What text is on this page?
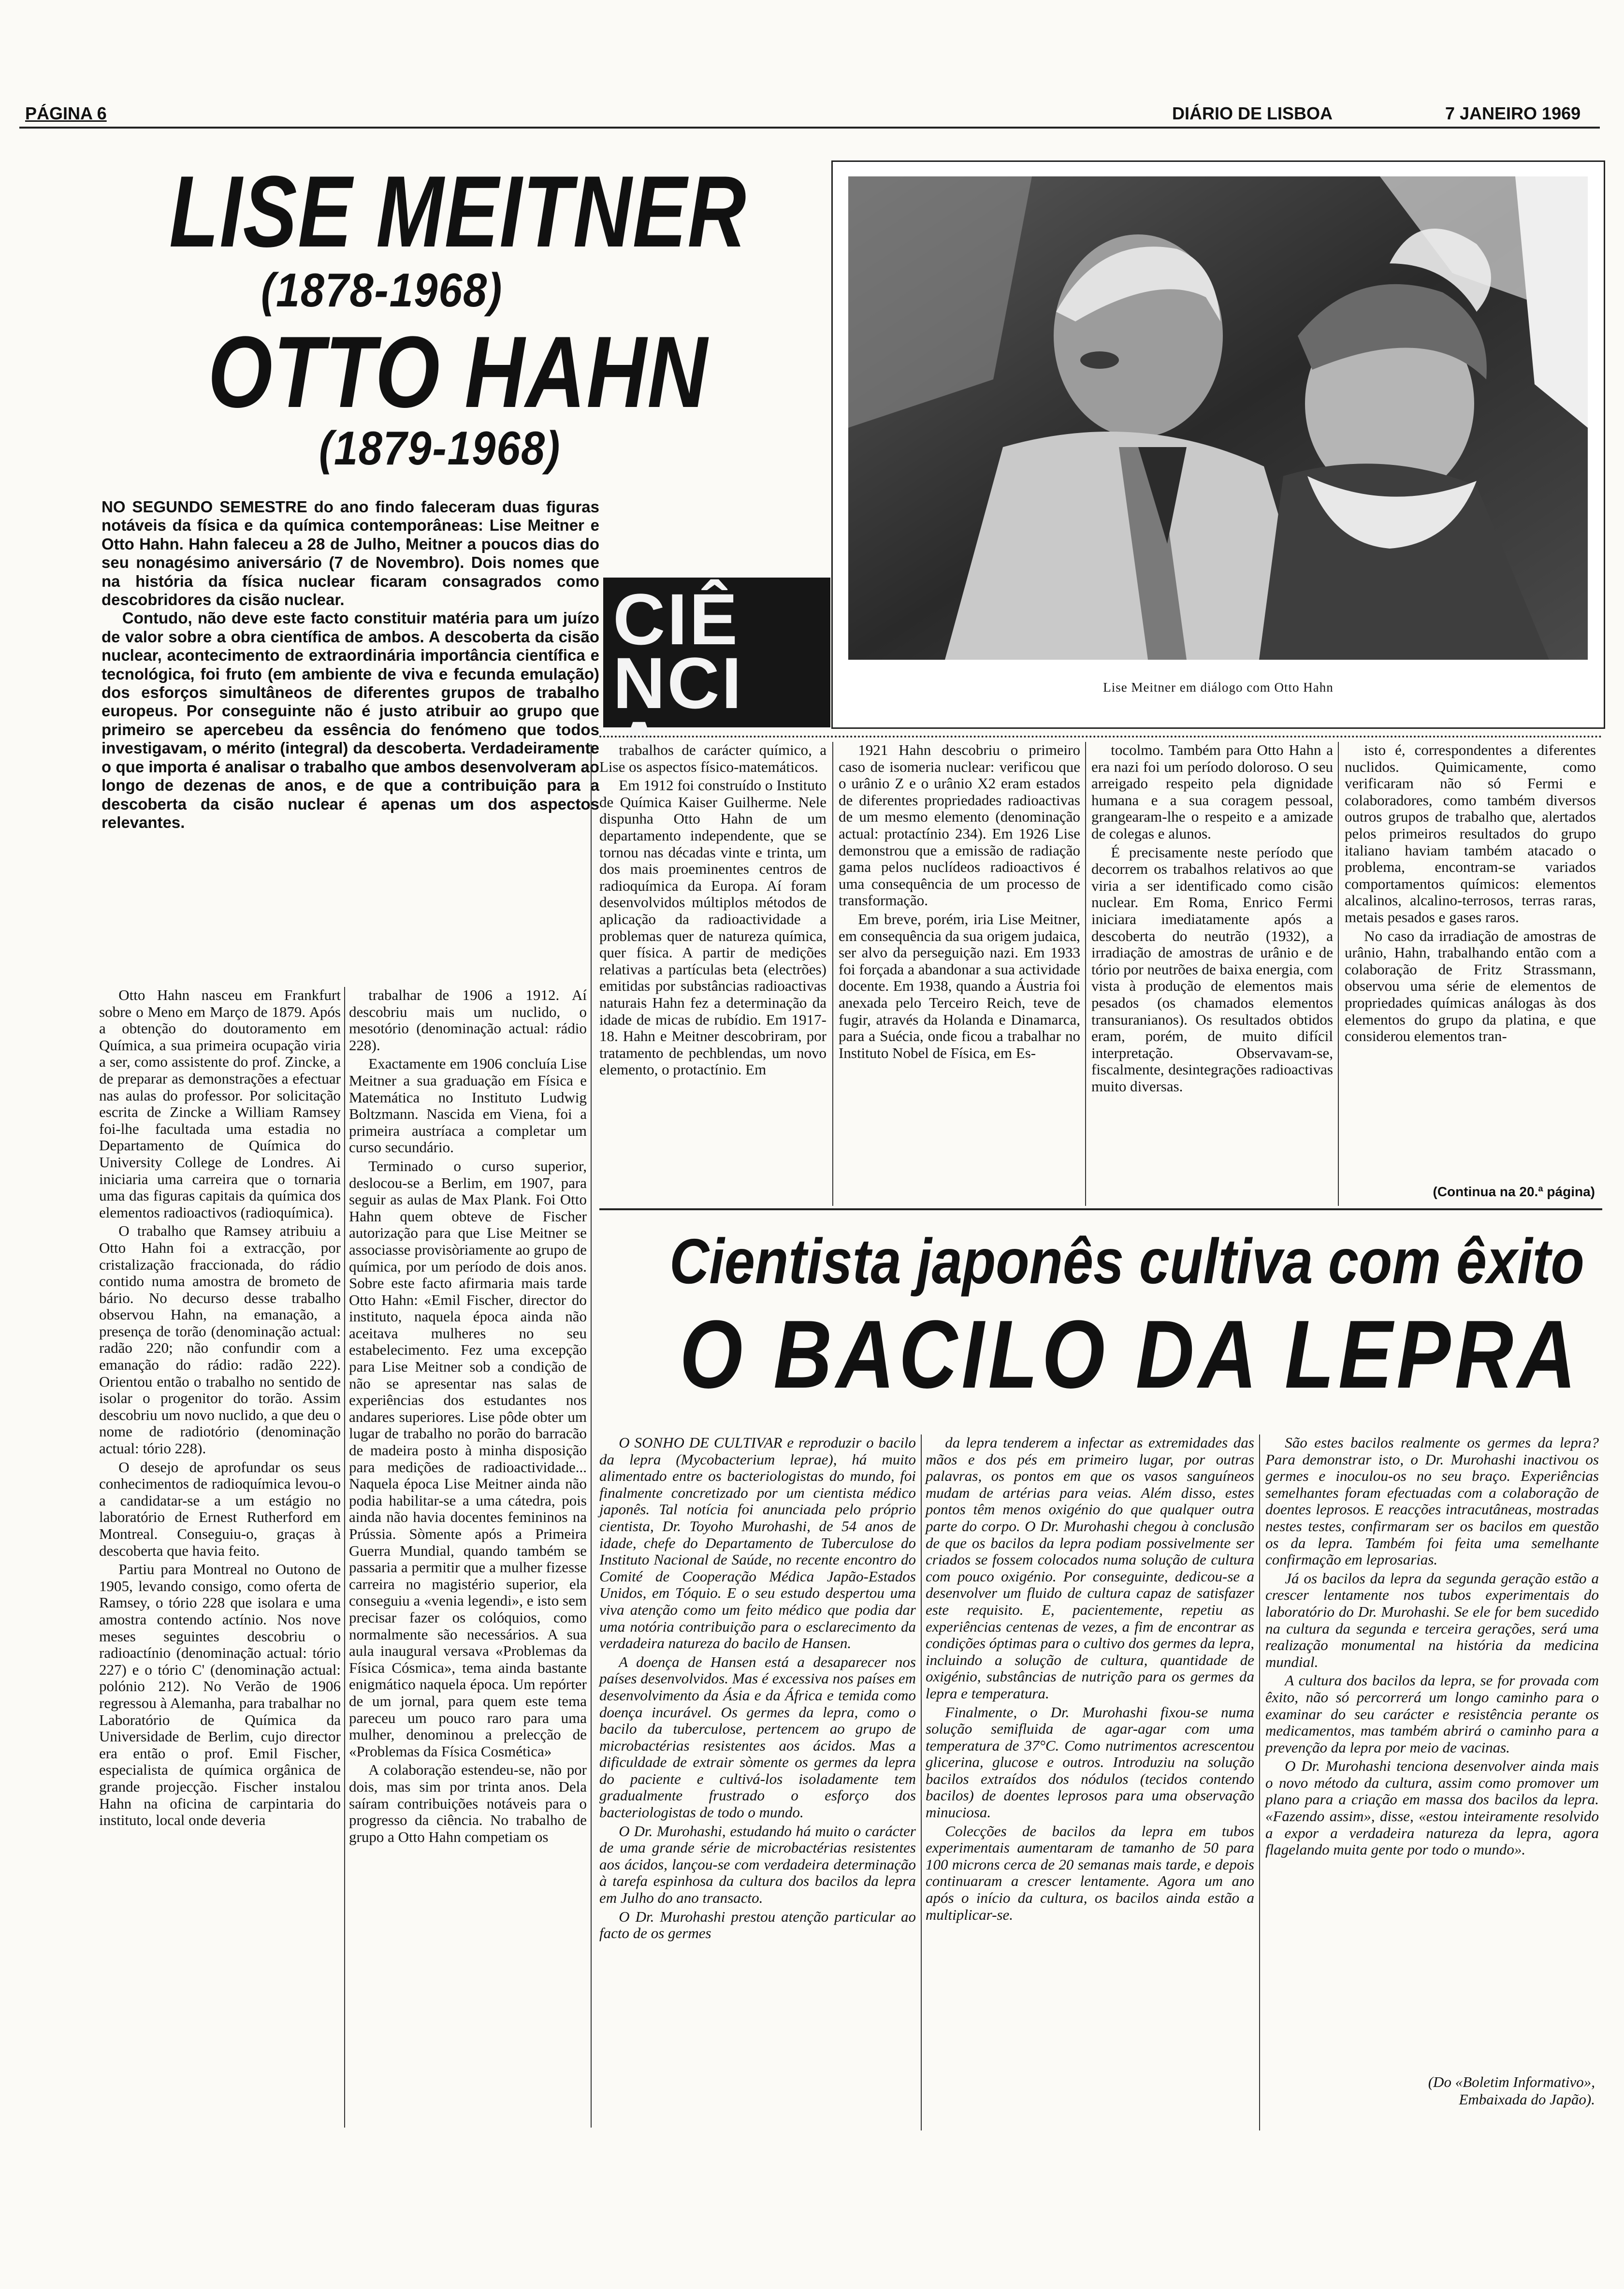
PÁGINA 6	DIÁRIO DE LISBOA	7 JANEIRO 1969
LISE MEITNER
(1878-1968)
OTTO HAHN
(1879-1968)

NO SEGUNDO SEMESTRE do ano findo faleceram duas figuras notáveis da física e da química contemporâneas: Lise Meitner e Otto Hahn. Hahn faleceu a 28 de Julho, Meitner a poucos dias do seu nonagésimo aniversário (7 de Novembro). Dois nomes que na história da física nuclear ficaram consagrados como descobridores da cisão nuclear.

Contudo, não deve este facto constituir matéria para um juízo de valor sobre a obra científica de ambos. A descoberta da cisão nuclear, acontecimento de extraordinária importância científica e tecnológica, foi fruto (em ambiente de viva e fecunda emulação) dos esforços simultâneos de diferentes grupos de trabalho europeus. Por conseguinte não é justo atribuir ao grupo que primeiro se apercebeu da essência do fenómeno que todos investigavam, o mérito (integral) da descoberta. Verdadeiramente o que importa é analisar o trabalho que ambos desenvolveram ao longo de dezenas de anos, e de que a contribuição para a descoberta da cisão nuclear é apenas um dos aspectos relevantes.

CIÊNCIA
Lise Meitner em diálogo com Otto Hahn

Otto Hahn nasceu em Frankfurt sobre o Meno em Março de 1879. Após a obtenção do doutoramento em Química, a sua primeira ocupação viria a ser, como assistente do prof. Zincke, a de preparar as demonstrações a efectuar nas aulas do professor. Por solicitação escrita de Zincke a William Ramsey foi-lhe facultada uma estadia no Departamento de Química do University College de Londres. Ai iniciaria uma carreira que o tornaria uma das figuras capitais da química dos elementos radioactivos (radioquímica).

O trabalho que Ramsey atribuiu a Otto Hahn foi a extracção, por cristalização fraccionada, do rádio contido numa amostra de brometo de bário. No decurso desse trabalho observou Hahn, na emanação, a presença de torão (denominação actual: radão 220; não confundir com a emanação do rádio: radão 222). Orientou então o trabalho no sentido de isolar o progenitor do torão. Assim descobriu um novo nuclido, a que deu o nome de radiotório (denominação actual: tório 228).

O desejo de aprofundar os seus conhecimentos de radioquímica levou-o a candidatar-se a um estágio no laboratório de Ernest Rutherford em Montreal. Conseguiu-o, graças à descoberta que havia feito.

Partiu para Montreal no Outono de 1905, levando consigo, como oferta de Ramsey, o tório 228 que isolara e uma amostra contendo actínio. Nos nove meses seguintes descobriu o radioactínio (denominação actual: tório 227) e o tório C' (denominação actual: polónio 212). No Verão de 1906 regressou à Alemanha, para trabalhar no Laboratório de Química da Universidade de Berlim, cujo director era então o prof. Emil Fischer, especialista de química orgânica de grande projecção. Fischer instalou Hahn na oficina de carpintaria do instituto, local onde deveria

trabalhar de 1906 a 1912. Aí descobriu mais um nuclido, o mesotório (denominação actual: rádio 228).

Exactamente em 1906 concluía Lise Meitner a sua graduação em Física e Matemática no Instituto Ludwig Boltzmann. Nascida em Viena, foi a primeira austríaca a completar um curso secundário.

Terminado o curso superior, deslocou-se a Berlim, em 1907, para seguir as aulas de Max Plank. Foi Otto Hahn quem obteve de Fischer autorização para que Lise Meitner se associasse provisòriamente ao grupo de química, por um período de dois anos. Sobre este facto afirmaria mais tarde Otto Hahn: «Emil Fischer, director do instituto, naquela época ainda não aceitava mulheres no seu estabelecimento. Fez uma excepção para Lise Meitner sob a condição de não se apresentar nas salas de experiências dos estudantes nos andares superiores. Lise pôde obter um lugar de trabalho no porão do barracão de madeira posto à minha disposição para medições de radioactividade... Naquela época Lise Meitner ainda não podia habilitar-se a uma cátedra, pois ainda não havia docentes femininos na Prússia. Sòmente após a Primeira Guerra Mundial, quando também se passaria a permitir que a mulher fizesse carreira no magistério superior, ela conseguiu a «venia legendi», e isto sem precisar fazer os colóquios, como normalmente são necessários. A sua aula inaugural versava «Problemas da Física Cósmica», tema ainda bastante enigmático naquela época. Um repórter de um jornal, para quem este tema pareceu um pouco raro para uma mulher, denominou a prelecção de «Problemas da Física Cosmética»

A colaboração estendeu-se, não por dois, mas sim por trinta anos. Dela saíram contribuições notáveis para o progresso da ciência. No trabalho de grupo a Otto Hahn competiam os

trabalhos de carácter químico, a Lise os aspectos físico-matemáticos.

Em 1912 foi construído o Instituto de Química Kaiser Guilherme. Nele dispunha Otto Hahn de um departamento independente, que se tornou nas décadas vinte e trinta, um dos mais proeminentes centros de radioquímica da Europa. Aí foram desenvolvidos múltiplos métodos de aplicação da radioactividade a problemas quer de natureza química, quer física. A partir de medições relativas a partículas beta (electrões) emitidas por substâncias radioactivas naturais Hahn fez a determinação da idade de micas de rubídio. Em 1917-18. Hahn e Meitner descobriram, por tratamento de pechblendas, um novo elemento, o protactínio. Em

1921 Hahn descobriu o primeiro caso de isomeria nuclear: verificou que o urânio Z e o urânio X2 eram estados de diferentes propriedades radioactivas de um mesmo elemento (denominação actual: protactínio 234). Em 1926 Lise demonstrou que a emissão de radiação gama pelos nuclídeos radioactivos é uma consequência de um processo de transformação.

Em breve, porém, iria Lise Meitner, em consequência da sua origem judaica, ser alvo da perseguição nazi. Em 1933 foi forçada a abandonar a sua actividade docente. Em 1938, quando a Áustria foi anexada pelo Terceiro Reich, teve de fugir, através da Holanda e Dinamarca, para a Suécia, onde ficou a trabalhar no Instituto Nobel de Física, em Es-

tocolmo. Também para Otto Hahn a era nazi foi um período doloroso. O seu arreigado respeito pela dignidade humana e a sua coragem pessoal, grangearam-lhe o respeito e a amizade de colegas e alunos.

É precisamente neste período que decorrem os trabalhos relativos ao que viria a ser identificado como cisão nuclear. Em Roma, Enrico Fermi iniciara imediatamente após a descoberta do neutrão (1932), a irradiação de amostras de urânio e de tório por neutrões de baixa energia, com vista à produção de elementos mais pesados (os chamados elementos transuranianos). Os resultados obtidos eram, porém, de muito difícil interpretação. Observavam-se, fiscalmente, desintegrações radioactivas muito diversas.

isto é, correspondentes a diferentes nuclidos. Quimicamente, como verificaram não só Fermi e colaboradores, como também diversos outros grupos de trabalho que, alertados pelos primeiros resultados do grupo italiano haviam também atacado o problema, encontram-se variados comportamentos químicos: elementos alcalinos, alcalino-terrosos, terras raras, metais pesados e gases raros.

No caso da irradiação de amostras de urânio, Hahn, trabalhando então com a colaboração de Fritz Strassmann, observou uma série de elementos de propriedades químicas análogas às dos elementos do grupo da platina, e que considerou elementos tran-

(Continua na 20.ª página)
Cientista japonês cultiva com êxito
O BACILO DA LEPRA

O SONHO DE CULTIVAR e reproduzir o bacilo da lepra (Mycobacterium leprae), há muito alimentado entre os bacteriologistas do mundo, foi finalmente concretizado por um cientista médico japonês. Tal notícia foi anunciada pelo próprio cientista, Dr. Toyoho Murohashi, de 54 anos de idade, chefe do Departamento de Tuberculose do Instituto Nacional de Saúde, no recente encontro do Comité de Cooperação Médica Japão-Estados Unidos, em Tóquio. E o seu estudo despertou uma viva atenção como um feito médico que podia dar uma notória contribuição para o esclarecimento da verdadeira natureza do bacilo de Hansen.

A doença de Hansen está a desaparecer nos países desenvolvidos. Mas é excessiva nos países em desenvolvimento da Ásia e da África e temida como doença incurável. Os germes da lepra, como o bacilo da tuberculose, pertencem ao grupo de microbactérias resistentes aos ácidos. Mas a dificuldade de extrair sòmente os germes da lepra do paciente e cultivá-los isoladamente tem gradualmente frustrado o esforço dos bacteriologistas de todo o mundo.

O Dr. Murohashi, estudando há muito o carácter de uma grande série de microbactérias resistentes aos ácidos, lançou-se com verdadeira determinação à tarefa espinhosa da cultura dos bacilos da lepra em Julho do ano transacto.

O Dr. Murohashi prestou atenção particular ao facto de os germes

da lepra tenderem a infectar as extremidades das mãos e dos pés em primeiro lugar, por outras palavras, os pontos em que os vasos sanguíneos mudam de artérias para veias. Além disso, estes pontos têm menos oxigénio do que qualquer outra parte do corpo. O Dr. Murohashi chegou à conclusão de que os bacilos da lepra podiam possivelmente ser criados se fossem colocados numa solução de cultura com pouco oxigénio. Por conseguinte, dedicou-se a desenvolver um fluido de cultura capaz de satisfazer este requisito. E, pacientemente, repetiu as experiências centenas de vezes, a fim de encontrar as condições óptimas para o cultivo dos germes da lepra, incluindo a solução de cultura, quantidade de oxigénio, substâncias de nutrição para os germes da lepra e temperatura.

Finalmente, o Dr. Murohashi fixou-se numa solução semifluida de agar-agar com uma temperatura de 37°C. Como nutrimentos acrescentou glicerina, glucose e outros. Introduziu na solução bacilos extraídos dos nódulos (tecidos contendo bacilos) de doentes leprosos para uma observação minuciosa.

Colecções de bacilos da lepra em tubos experimentais aumentaram de tamanho de 50 para 100 microns cerca de 20 semanas mais tarde, e depois continuaram a crescer lentamente. Agora um ano após o início da cultura, os bacilos ainda estão a multiplicar-se.

São estes bacilos realmente os germes da lepra? Para demonstrar isto, o Dr. Murohashi inactivou os germes e inoculou-os no seu braço. Experiências semelhantes foram efectuadas com a colaboração de doentes leprosos. E reacções intracutâneas, mostradas nestes testes, confirmaram ser os bacilos em questão os da lepra. Também foi feita uma semelhante confirmação em leprosarias.

Já os bacilos da lepra da segunda geração estão a crescer lentamente nos tubos experimentais do laboratório do Dr. Murohashi. Se ele for bem sucedido na cultura da segunda e terceira gerações, será uma realização monumental na história da medicina mundial.

A cultura dos bacilos da lepra, se for provada com êxito, não só percorrerá um longo caminho para o examinar do seu carácter e resistência perante os medicamentos, mas também abrirá o caminho para a prevenção da lepra por meio de vacinas.

O Dr. Murohashi tenciona desenvolver ainda mais o novo método da cultura, assim como promover um plano para a criação em massa dos bacilos da lepra. «Fazendo assim», disse, «estou inteiramente resolvido a expor a verdadeira natureza da lepra, agora flagelando muita gente por todo o mundo».

(Do «Boletim Informativo», Embaixada do Japão).
